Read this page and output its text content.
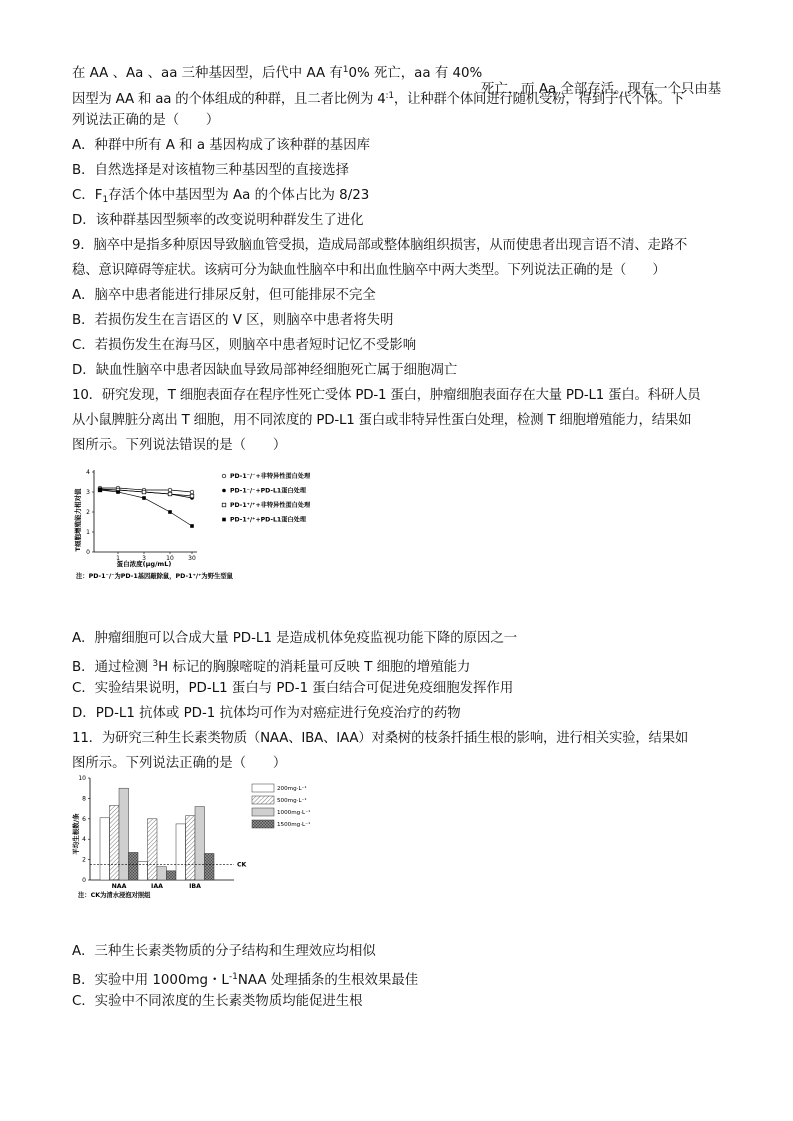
在 AA 、Aa 、aa 三种基因型，后代中 AA 有$^1$0% 死亡，aa 有 40%
死亡，而 Aa 全部存活。现有一个只由基
因型为 AA 和 aa 的个体组成的种群，且二者比例为 $4^{:1}$，让种群个体间进行随机受粉，得到子代个体。下
列说法正确的是（　　）
A．种群中所有 A 和 a 基因构成了该种群的基因库
B．自然选择是对该植物三种基因型的直接选择
C．$F_1$存活个体中基因型为 Aa 的个体占比为 8/23
D．该种群基因型频率的改变说明种群发生了进化
9．脑卒中是指多种原因导致脑血管受损，造成局部或整体脑组织损害，从而使患者出现言语不清、走路不
稳、意识障碍等症状。该病可分为缺血性脑卒中和出血性脑卒中两大类型。下列说法正确的是（　　）
A．脑卒中患者能进行排尿反射，但可能排尿不完全
B．若损伤发生在言语区的 V 区，则脑卒中患者将失明
C．若损伤发生在海马区，则脑卒中患者短时记忆不受影响
D．缺血性脑卒中患者因缺血导致局部神经细胞死亡属于细胞凋亡
10．研究发现，T 细胞表面存在程序性死亡受体 PD-1 蛋白，肿瘤细胞表面存在大量 PD-L1 蛋白。科研人员
从小鼠脾脏分离出 T 细胞，用不同浓度的 PD-L1 蛋白或非特异性蛋白处理，检测 T 细胞增殖能力，结果如
图所示。下列说法错误的是（　　）
0
1
2
3
4
1	3	10 30
PD-1⁻/⁻+非特异性蛋白处理
PD-1⁻/⁻+PD-L1蛋白处理
PD-1⁺/⁺+非特异性蛋白处理
PD-1⁺/⁺+PD-L1蛋白处理
T细胞增殖能力相对值
蛋白浓度(μg/mL)
注：PD-1⁻/⁻为PD-1基因敲除鼠，PD-1⁺/⁺为野生型鼠
A．肿瘤细胞可以合成大量 PD-L1 是造成机体免疫监视功能下降的原因之一
B．通过检测 $^3$H 标记的胸腺嘧啶的消耗量可反映 T 细胞的增殖能力
C．实验结果说明，PD-L1 蛋白与 PD-1 蛋白结合可促进免疫细胞发挥作用
D．PD-L1 抗体或 PD-1 抗体均可作为对癌症进行免疫治疗的药物
11．为研究三种生长素类物质（NAA、IBA、IAA）对桑树的枝条扦插生根的影响，进行相关实验，结果如
图所示。下列说法正确的是（　　）
0
2
4
6
8
10
NAA	IAA	IBA
CK
200mg·L⁻¹
500mg·L⁻¹
1000mg·L⁻¹
1500mg·L⁻¹
平均生根数/条
注：CK为清水浸泡对照组
A．三种生长素类物质的分子结构和生理效应均相似
B．实验中用 1000mg・$L^{-1}NAA$ 处理插条的生根效果最佳
C．实验中不同浓度的生长素类物质均能促进生根
